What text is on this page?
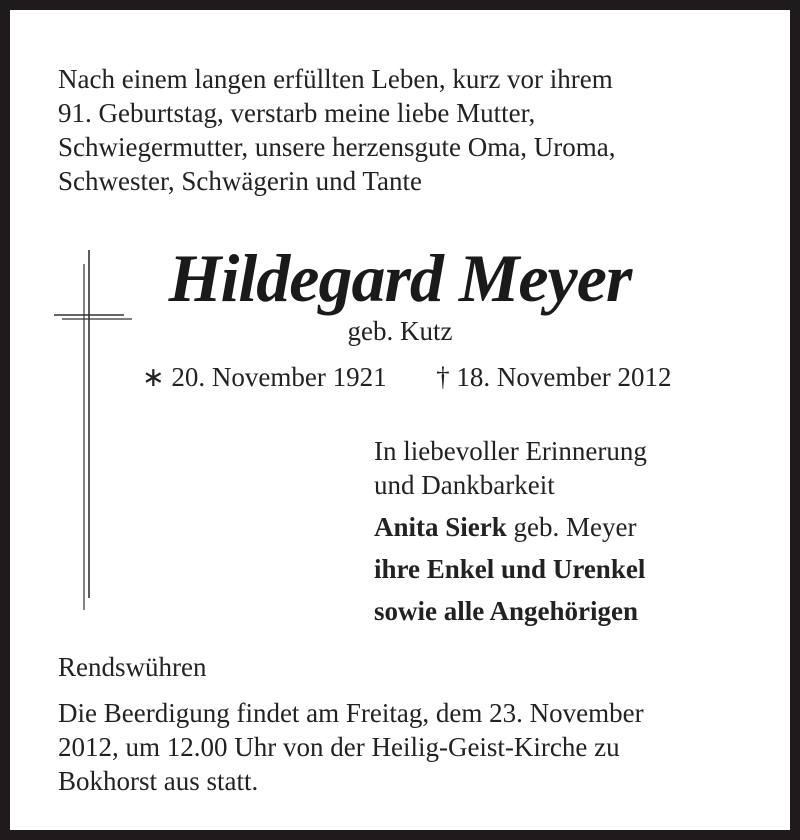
Nach einem langen erfüllten Leben, kurz vor ihrem
91. Geburtstag, verstarb meine liebe Mutter,
Schwiegermutter, unsere herzensgute Oma, Uroma,
Schwester, Schwägerin und Tante
Hildegard Meyer
geb. Kutz
∗ 20. November 1921 † 18. November 2012
In liebevoller Erinnerung
und Dankbarkeit
Anita Sierk geb. Meyer
ihre Enkel und Urenkel
sowie alle Angehörigen
Rendswühren
Die Beerdigung findet am Freitag, dem 23. November
2012, um 12.00 Uhr von der Heilig-Geist-Kirche zu
Bokhorst aus statt.
